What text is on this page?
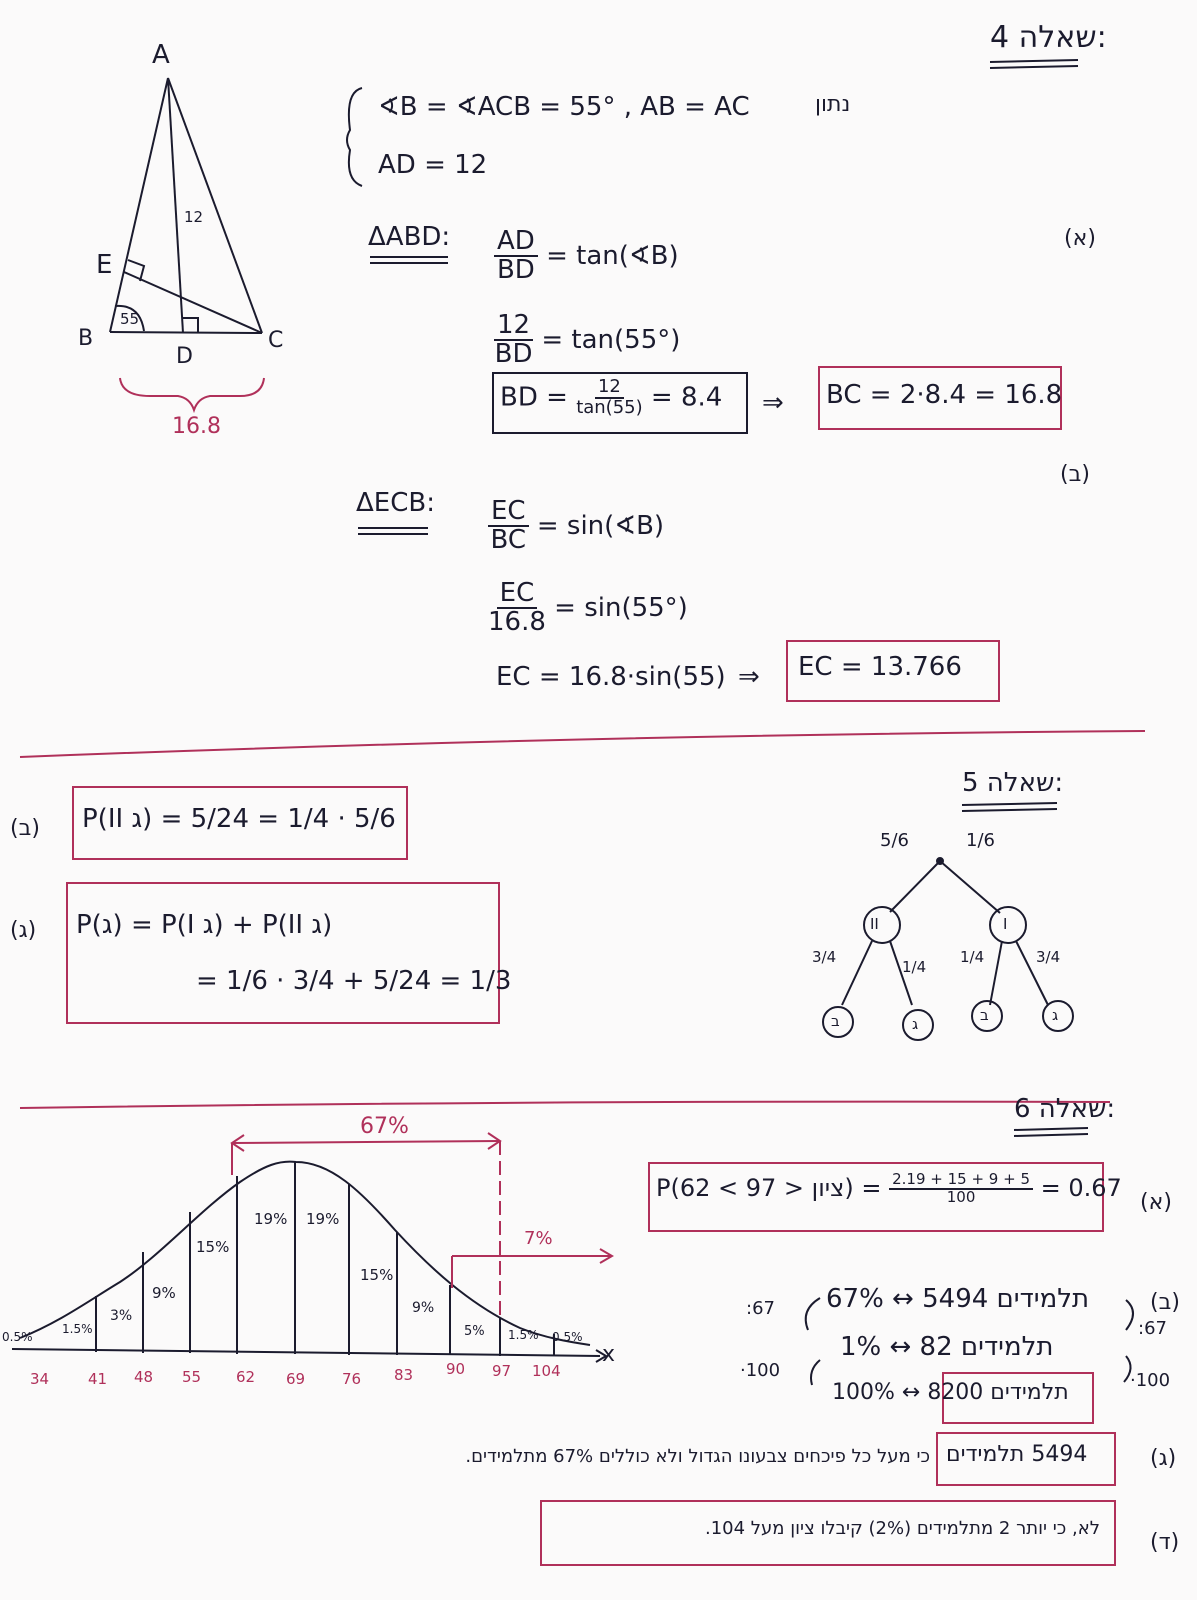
שאלה 4:
נתון
∢B = ∢ACB = 55° , AB = AC
AD = 12
A
B	C
D
E
12
55
16.8
(א)
ΔABD: $\frac{AD}{BD}$ = tan(∢B)
$\frac{12}{BD} = \tan(55^\circ)$
BD = $\frac{12}{\tan(55)} = 8.4$ ⇒ BC = 2·8.4 = 16.8
(ב)
ΔECB: $\frac{EC}{BC}$ = sin(∢B)
$\frac{EC}{16.8} = \sin(55^\circ)$
EC = 16.8·sin(55) ⇒ EC = 13.766
שאלה 5:
(ב) P(II ג) = 5/6 · 1/4 = 5/24
(ג) P(ג) = P(I ג) + P(II ג)
= 1/6 · 3/4 + 5/24 = 1/3
5/6	1/6
II	I
3/4
1/4
1/4	3/4
ב	ג	ב	ג
שאלה 6:
67%
7%
x
0.5%
1.5%
3%
9%
15%
19% 19%
15%
9%
5% 1.5% 0.5%
34	41 48 55 62 69 76 83 90 97 104
(א)
P(62 < ציון < $97) = \frac{2.19 + 15 + 9 + 5}{100} = 0.67$
(ב)
:67
:67
·100	·100
67% ↔ 5494 תלמידים
1% ↔ 82 תלמידים
100% ↔ 8200 תלמידים
(ג)
5494 תלמידים
כי מעל כל פיכחים צבעונו הגדול ולא כוללים 67% מתלמידים.
(ד)
לא, כי יותר 2 מתלמידים (2%) קיבלו ציון מעל 104.
